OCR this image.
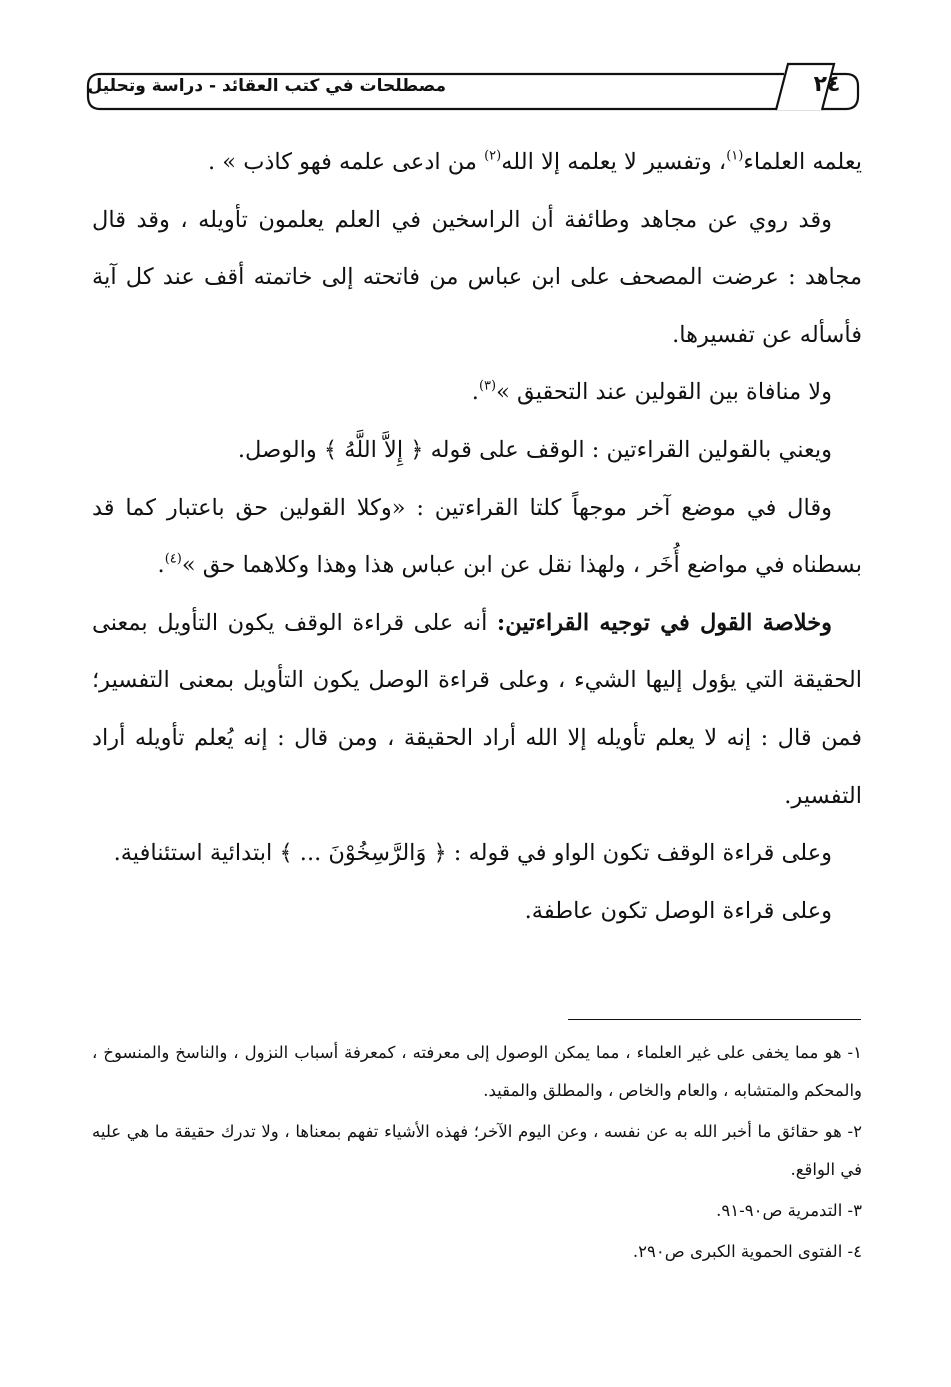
مصطلحات في كتب العقائد - دراسة وتحليل	٢٤

يعلمه العلماء$^{(١)}$، وتفسير لا يعلمه إلا الله$^{(٢)}$ من ادعى علمه فهو كاذب » .

وقد روي عن مجاهد وطائفة أن الراسخين في العلم يعلمون تأويله ، وقد قال مجاهد : عرضت المصحف على ابن عباس من فاتحته إلى خاتمته أقف عند كل آية فأسأله عن تفسيرها.

ولا منافاة بين القولين عند التحقيق »$^{(٣)}$.

ويعني بالقولين القراءتين : الوقف على قوله ﴿ إِلاَّ اللَّهُ ﴾ والوصل.

وقال في موضع آخر موجهاً كلتا القراءتين : «وكلا القولين حق باعتبار كما قد بسطناه في مواضع أُخَر ، ولهذا نقل عن ابن عباس هذا وهذا وكلاهما حق »$^{(٤)}$.

وخلاصة القول في توجيه القراءتين: أنه على قراءة الوقف يكون التأويل بمعنى الحقيقة التي يؤول إليها الشيء ، وعلى قراءة الوصل يكون التأويل بمعنى التفسير؛ فمن قال : إنه لا يعلم تأويله إلا الله أراد الحقيقة ، ومن قال : إنه يُعلم تأويله أراد التفسير.

وعلى قراءة الوقف تكون الواو في قوله : ﴿ وَالرَّسِخُوْنَ ... ﴾ ابتدائية استئنافية.

وعلى قراءة الوصل تكون عاطفة.

١- هو مما يخفى على غير العلماء ، مما يمكن الوصول إلى معرفته ، كمعرفة أسباب النزول ، والناسخ والمنسوخ ، والمحكم والمتشابه ، والعام والخاص ، والمطلق والمقيد.

٢- هو حقائق ما أخبر الله به عن نفسه ، وعن اليوم الآخر؛ فهذه الأشياء تفهم بمعناها ، ولا تدرك حقيقة ما هي عليه في الواقع.

٣- التدمرية ص٩٠-٩١.

٤- الفتوى الحموية الكبرى ص٢٩٠.
